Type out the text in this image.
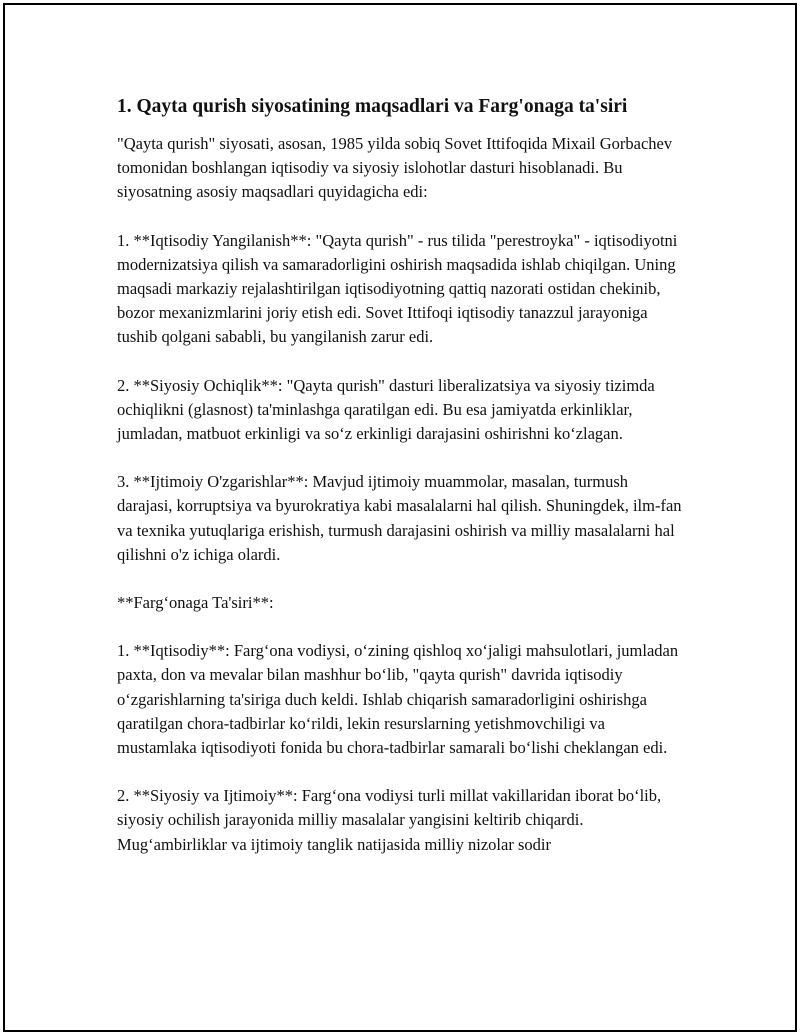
1. Qayta qurish siyosatining maqsadlari va Farg'onaga ta'siri

"Qayta qurish" siyosati, asosan, 1985 yilda sobiq Sovet Ittifoqida Mixail Gorbachev tomonidan boshlangan iqtisodiy va siyosiy islohotlar dasturi hisoblanadi. Bu siyosatning asosiy maqsadlari quyidagicha edi:

1. **Iqtisodiy Yangilanish**: "Qayta qurish" - rus tilida "perestroyka" - iqtisodiyotni modernizatsiya qilish va samaradorligini oshirish maqsadida ishlab chiqilgan. Uning maqsadi markaziy rejalashtirilgan iqtisodiyotning qattiq nazorati ostidan chekinib, bozor mexanizmlarini joriy etish edi. Sovet Ittifoqi iqtisodiy tanazzul jarayoniga tushib qolgani sababli, bu yangilanish zarur edi.

2. **Siyosiy Ochiqlik**: "Qayta qurish" dasturi liberalizatsiya va siyosiy tizimda ochiqlikni (glasnost) ta'minlashga qaratilgan edi. Bu esa jamiyatda erkinliklar, jumladan, matbuot erkinligi va so‘z erkinligi darajasini oshirishni ko‘zlagan.

3. **Ijtimoiy O'zgarishlar**: Mavjud ijtimoiy muammolar, masalan, turmush darajasi, korruptsiya va byurokratiya kabi masalalarni hal qilish. Shuningdek, ilm-fan va texnika yutuqlariga erishish, turmush darajasini oshirish va milliy masalalarni hal qilishni o'z ichiga olardi.

**Farg‘onaga Ta'siri**:

1. **Iqtisodiy**: Farg‘ona vodiysi, o‘zining qishloq xo‘jaligi mahsulotlari, jumladan paxta, don va mevalar bilan mashhur bo‘lib, "qayta qurish" davrida iqtisodiy o‘zgarishlarning ta'siriga duch keldi. Ishlab chiqarish samaradorligini oshirishga qaratilgan chora-tadbirlar ko‘rildi, lekin resurslarning yetishmovchiligi va mustamlaka iqtisodiyoti fonida bu chora-tadbirlar samarali bo‘lishi cheklangan edi.

2. **Siyosiy va Ijtimoiy**: Farg‘ona vodiysi turli millat vakillaridan iborat bo‘lib, siyosiy ochilish jarayonida milliy masalalar yangisini keltirib chiqardi. Mug‘ambirliklar va ijtimoiy tanglik natijasida milliy nizolar sodir
